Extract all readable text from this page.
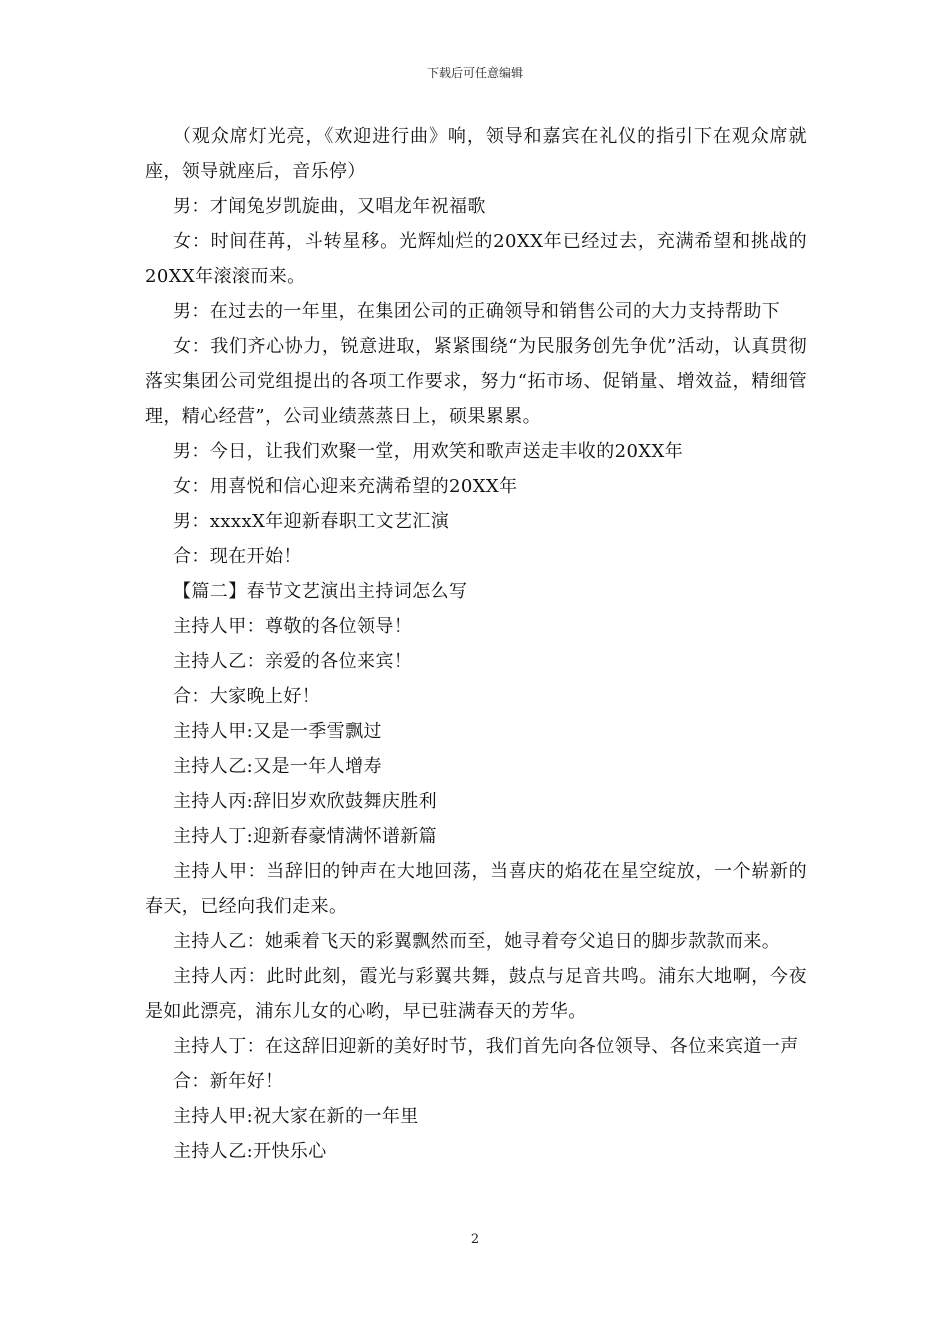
下载后可任意编辑

（观众席灯光亮，《欢迎进行曲》响，领导和嘉宾在礼仪的指引下在观众席就座，领导就座后，音乐停）

男：才闻兔岁凯旋曲，又唱龙年祝福歌

女：时间荏苒，斗转星移。光辉灿烂的20XX年已经过去，充满希望和挑战的20XX年滚滚而来。

男：在过去的一年里，在集团公司的正确领导和销售公司的大力支持帮助下

女：我们齐心协力，锐意进取，紧紧围绕“为民服务创先争优”活动，认真贯彻落实集团公司党组提出的各项工作要求，努力“拓市场、促销量、增效益，精细管理，精心经营”，公司业绩蒸蒸日上，硕果累累。

男：今日，让我们欢聚一堂，用欢笑和歌声送走丰收的20XX年

女：用喜悦和信心迎来充满希望的20XX年

男：xxxxX年迎新春职工文艺汇演

合：现在开始！

【篇二】春节文艺演出主持词怎么写

主持人甲：尊敬的各位领导！

主持人乙：亲爱的各位来宾！

合：大家晚上好！

主持人甲:又是一季雪飘过

主持人乙:又是一年人增寿

主持人丙:辞旧岁欢欣鼓舞庆胜利

主持人丁:迎新春豪情满怀谱新篇

主持人甲：当辞旧的钟声在大地回荡，当喜庆的焰花在星空绽放，一个崭新的春天，已经向我们走来。

主持人乙：她乘着飞天的彩翼飘然而至，她寻着夸父追日的脚步款款而来。

主持人丙：此时此刻，霞光与彩翼共舞，鼓点与足音共鸣。浦东大地啊，今夜是如此漂亮，浦东儿女的心哟，早已驻满春天的芳华。

主持人丁：在这辞旧迎新的美好时节，我们首先向各位领导、各位来宾道一声

合：新年好！

主持人甲:祝大家在新的一年里

主持人乙:开快乐心

2
